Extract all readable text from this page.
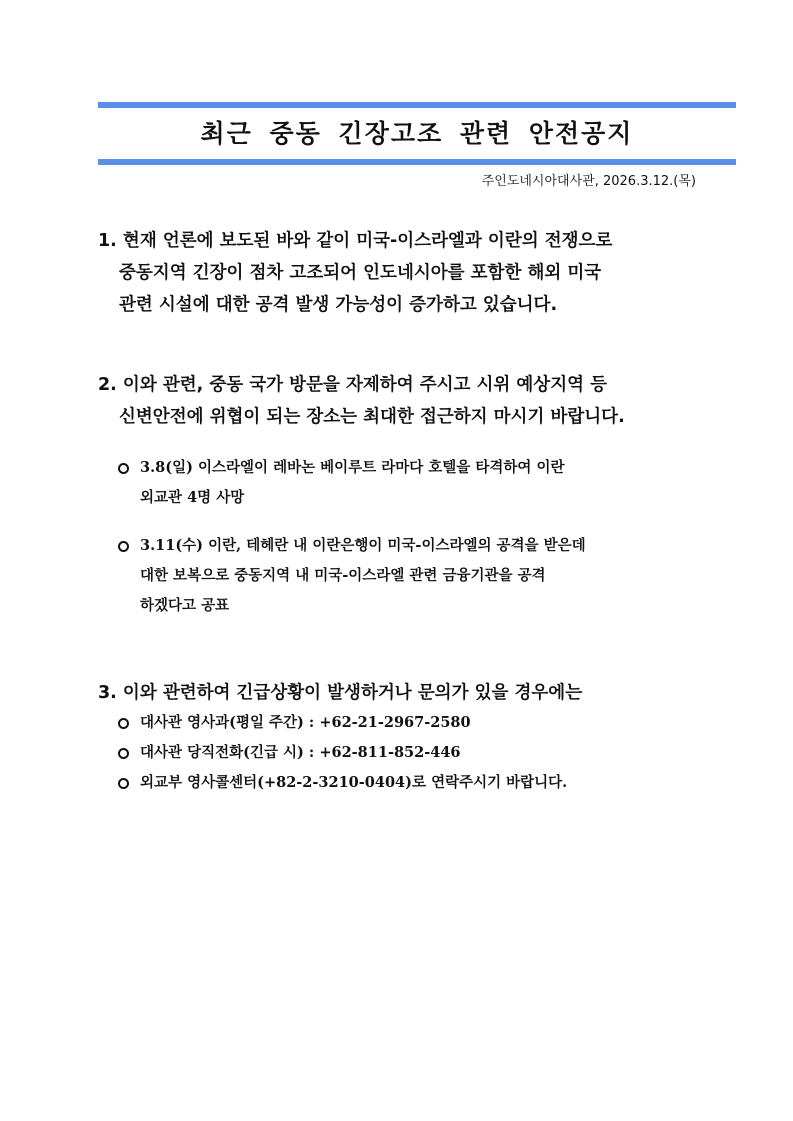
최근 중동 긴장고조 관련 안전공지
주인도네시아대사관, 2026.3.12.(목)
1. 현재 언론에 보도된 바와 같이 미국-이스라엘과 이란의 전쟁으로
중동지역 긴장이 점차 고조되어 인도네시아를 포함한 해외 미국
관련 시설에 대한 공격 발생 가능성이 증가하고 있습니다.
2. 이와 관련, 중동 국가 방문을 자제하여 주시고 시위 예상지역 등
신변안전에 위협이 되는 장소는 최대한 접근하지 마시기 바랍니다.
3.8(일) 이스라엘이 레바논 베이루트 라마다 호텔을 타격하여 이란
외교관 4명 사망
3.11(수) 이란, 테헤란 내 이란은행이 미국-이스라엘의 공격을 받은데
대한 보복으로 중동지역 내 미국-이스라엘 관련 금융기관을 공격
하겠다고 공표
3. 이와 관련하여 긴급상황이 발생하거나 문의가 있을 경우에는
대사관 영사과(평일 주간) : +62-21-2967-2580
대사관 당직전화(긴급 시) : +62-811-852-446
외교부 영사콜센터(+82-2-3210-0404)로 연락주시기 바랍니다.
